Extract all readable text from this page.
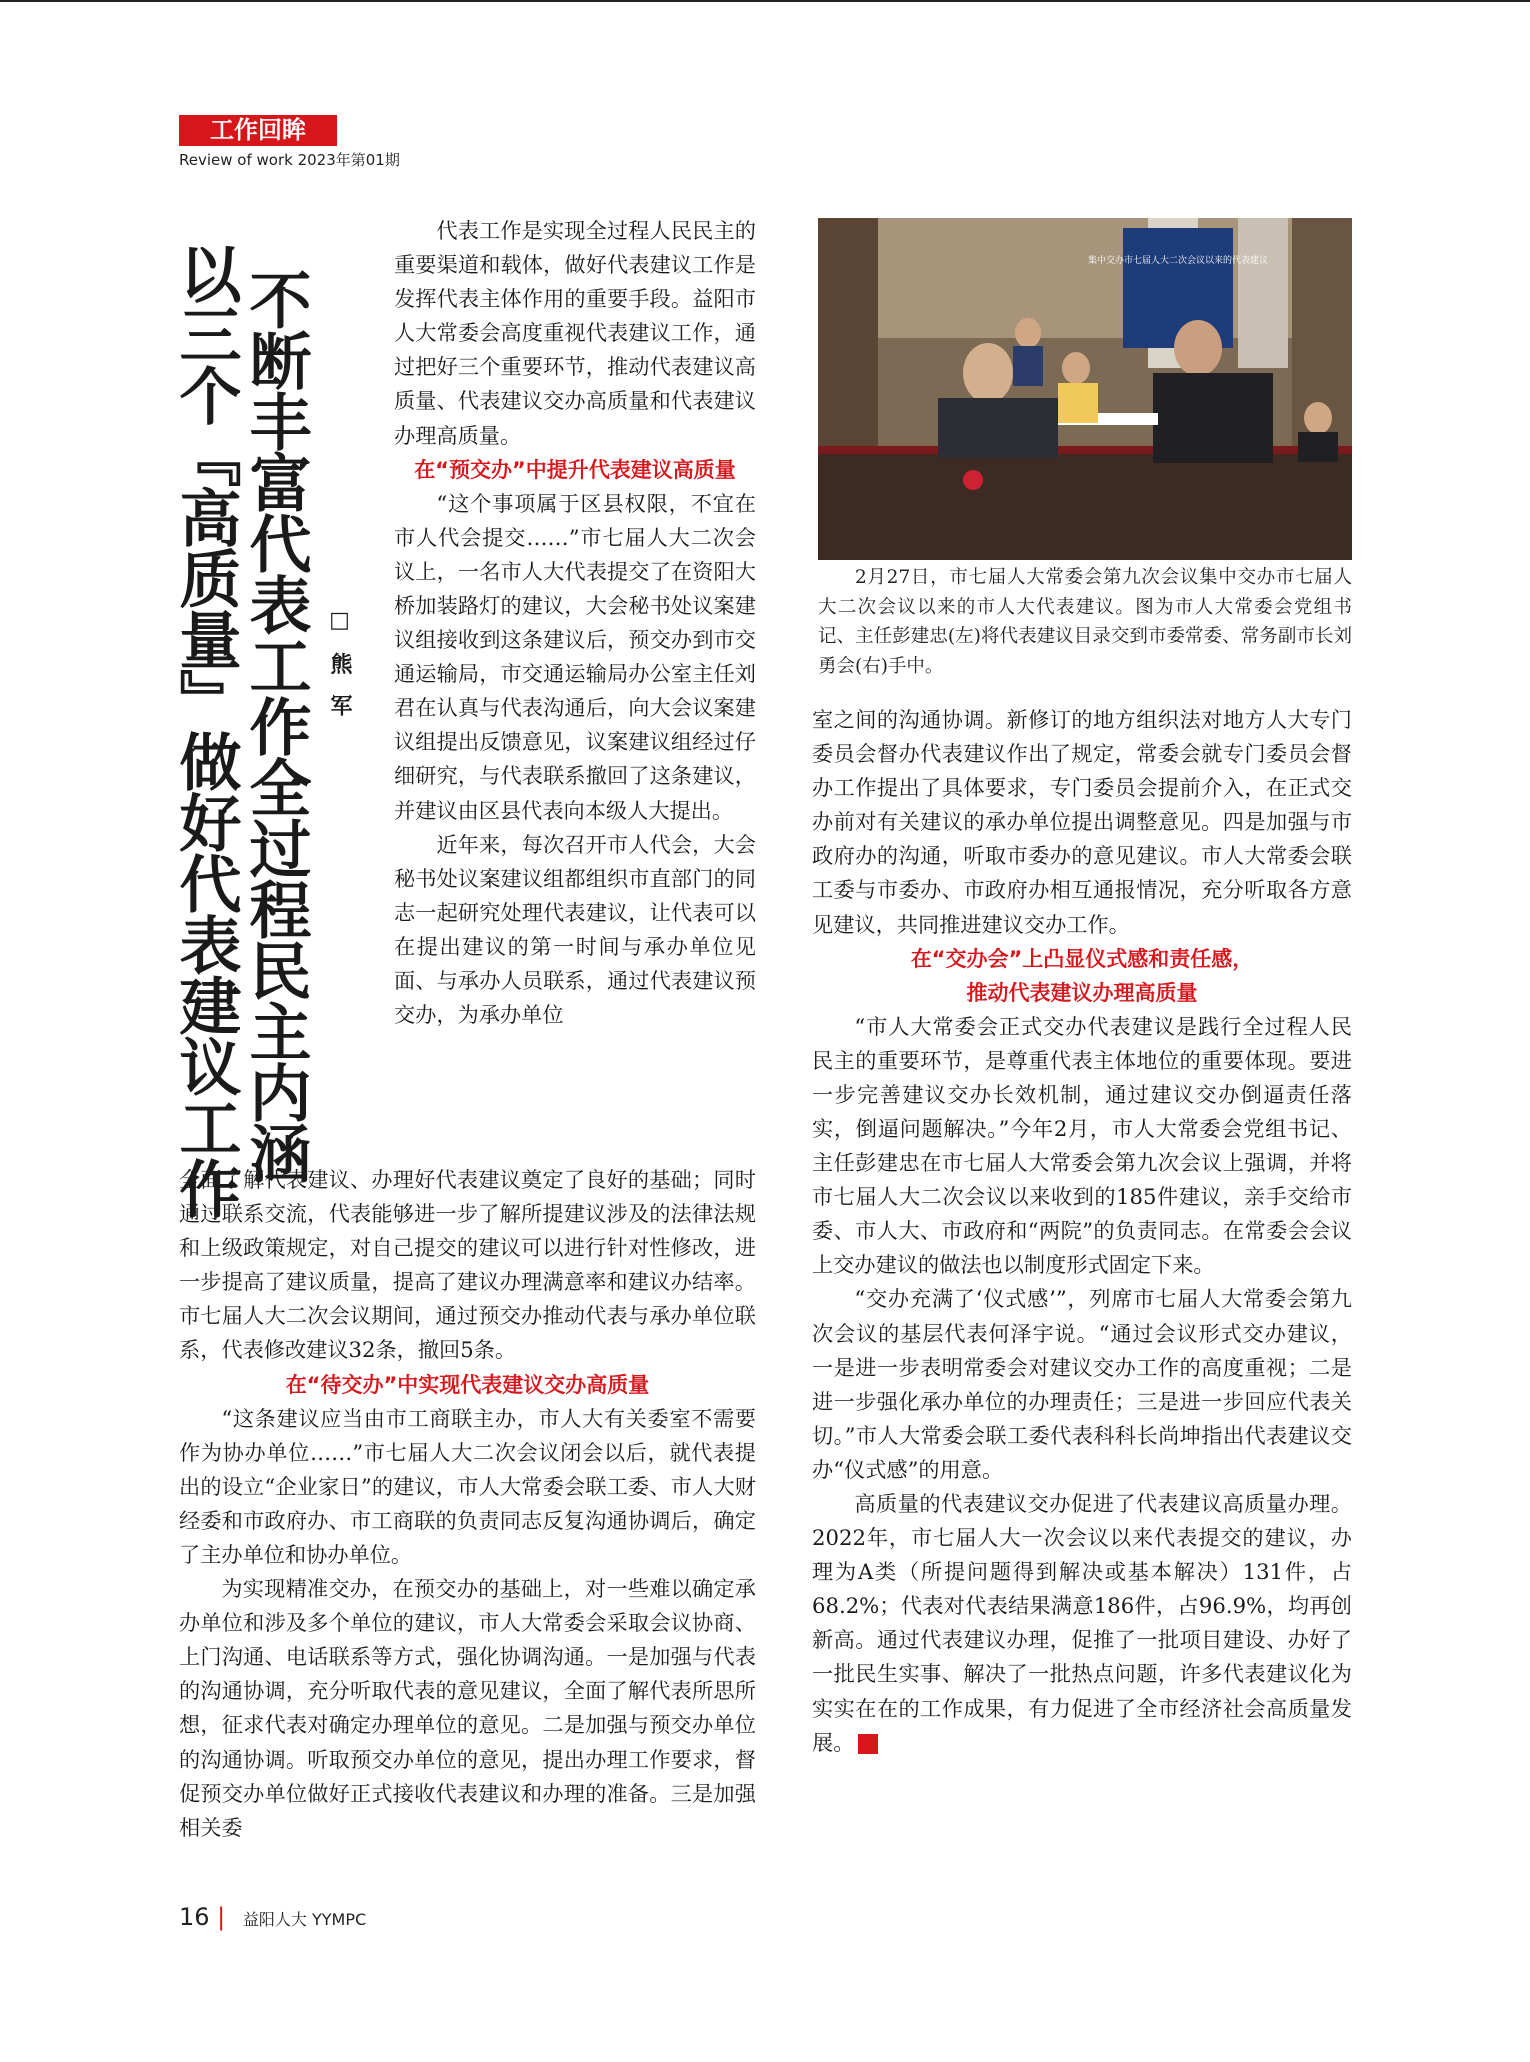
工作回眸
Review of work 2023年第01期
不断丰富代表工作全过程民主内涵
以三个『高质量』做好代表建议工作	□ 熊 军

代表工作是实现全过程人民民主的重要渠道和载体，做好代表建议工作是发挥代表主体作用的重要手段。益阳市人大常委会高度重视代表建议工作，通过把好三个重要环节，推动代表建议高质量、代表建议交办高质量和代表建议办理高质量。

在“预交办”中提升代表建议高质量

“这个事项属于区县权限，不宜在市人代会提交……”市七届人大二次会议上，一名市人大代表提交了在资阳大桥加装路灯的建议，大会秘书处议案建议组接收到这条建议后，预交办到市交通运输局，市交通运输局办公室主任刘君在认真与代表沟通后，向大会议案建议组提出反馈意见，议案建议组经过仔细研究，与代表联系撤回了这条建议，并建议由区县代表向本级人大提出。

近年来，每次召开市人代会，大会秘书处议案建议组都组织市直部门的同志一起研究处理代表建议，让代表可以在提出建议的第一时间与承办单位见面、与承办人员联系，通过代表建议预交办，为承办单位

全面了解代表建议、办理好代表建议奠定了良好的基础；同时通过联系交流，代表能够进一步了解所提建议涉及的法律法规和上级政策规定，对自己提交的建议可以进行针对性修改，进一步提高了建议质量，提高了建议办理满意率和建议办结率。市七届人大二次会议期间，通过预交办推动代表与承办单位联系，代表修改建议32条，撤回5条。

在“待交办”中实现代表建议交办高质量

“这条建议应当由市工商联主办，市人大有关委室不需要作为协办单位……”市七届人大二次会议闭会以后，就代表提出的设立“企业家日”的建议，市人大常委会联工委、市人大财经委和市政府办、市工商联的负责同志反复沟通协调后，确定了主办单位和协办单位。

为实现精准交办，在预交办的基础上，对一些难以确定承办单位和涉及多个单位的建议，市人大常委会采取会议协商、上门沟通、电话联系等方式，强化协调沟通。一是加强与代表的沟通协调，充分听取代表的意见建议，全面了解代表所思所想，征求代表对确定办理单位的意见。二是加强与预交办单位的沟通协调。听取预交办单位的意见，提出办理工作要求，督促预交办单位做好正式接收代表建议和办理的准备。三是加强相关委

集中交办市七届人大二次会议以来的代表建议
2月27日，市七届人大常委会第九次会议集中交办市七届人大二次会议以来的市人大代表建议。图为市人大常委会党组书记、主任彭建忠(左)将代表建议目录交到市委常委、常务副市长刘勇会(右)手中。

室之间的沟通协调。新修订的地方组织法对地方人大专门委员会督办代表建议作出了规定，常委会就专门委员会督办工作提出了具体要求，专门委员会提前介入，在正式交办前对有关建议的承办单位提出调整意见。四是加强与市政府办的沟通，听取市委办的意见建议。市人大常委会联工委与市委办、市政府办相互通报情况，充分听取各方意见建议，共同推进建议交办工作。

在“交办会”上凸显仪式感和责任感，

推动代表建议办理高质量

“市人大常委会正式交办代表建议是践行全过程人民民主的重要环节，是尊重代表主体地位的重要体现。要进一步完善建议交办长效机制，通过建议交办倒逼责任落实，倒逼问题解决。”今年2月，市人大常委会党组书记、主任彭建忠在市七届人大常委会第九次会议上强调，并将市七届人大二次会议以来收到的185件建议，亲手交给市委、市人大、市政府和“两院”的负责同志。在常委会会议上交办建议的做法也以制度形式固定下来。

“交办充满了‘仪式感’”，列席市七届人大常委会第九次会议的基层代表何泽宇说。“通过会议形式交办建议，一是进一步表明常委会对建议交办工作的高度重视；二是进一步强化承办单位的办理责任；三是进一步回应代表关切。”市人大常委会联工委代表科科长尚坤指出代表建议交办“仪式感”的用意。

高质量的代表建议交办促进了代表建议高质量办理。2022年，市七届人大一次会议以来代表提交的建议，办理为A类（所提问题得到解决或基本解决）131件，占68.2%；代表对代表结果满意186件，占96.9%，均再创新高。通过代表建议办理，促推了一批项目建设、办好了一批民生实事、解决了一批热点问题，许多代表建议化为实实在在的工作成果，有力促进了全市经济社会高质量发展。	^

16 | 益阳人大 YYMPC
